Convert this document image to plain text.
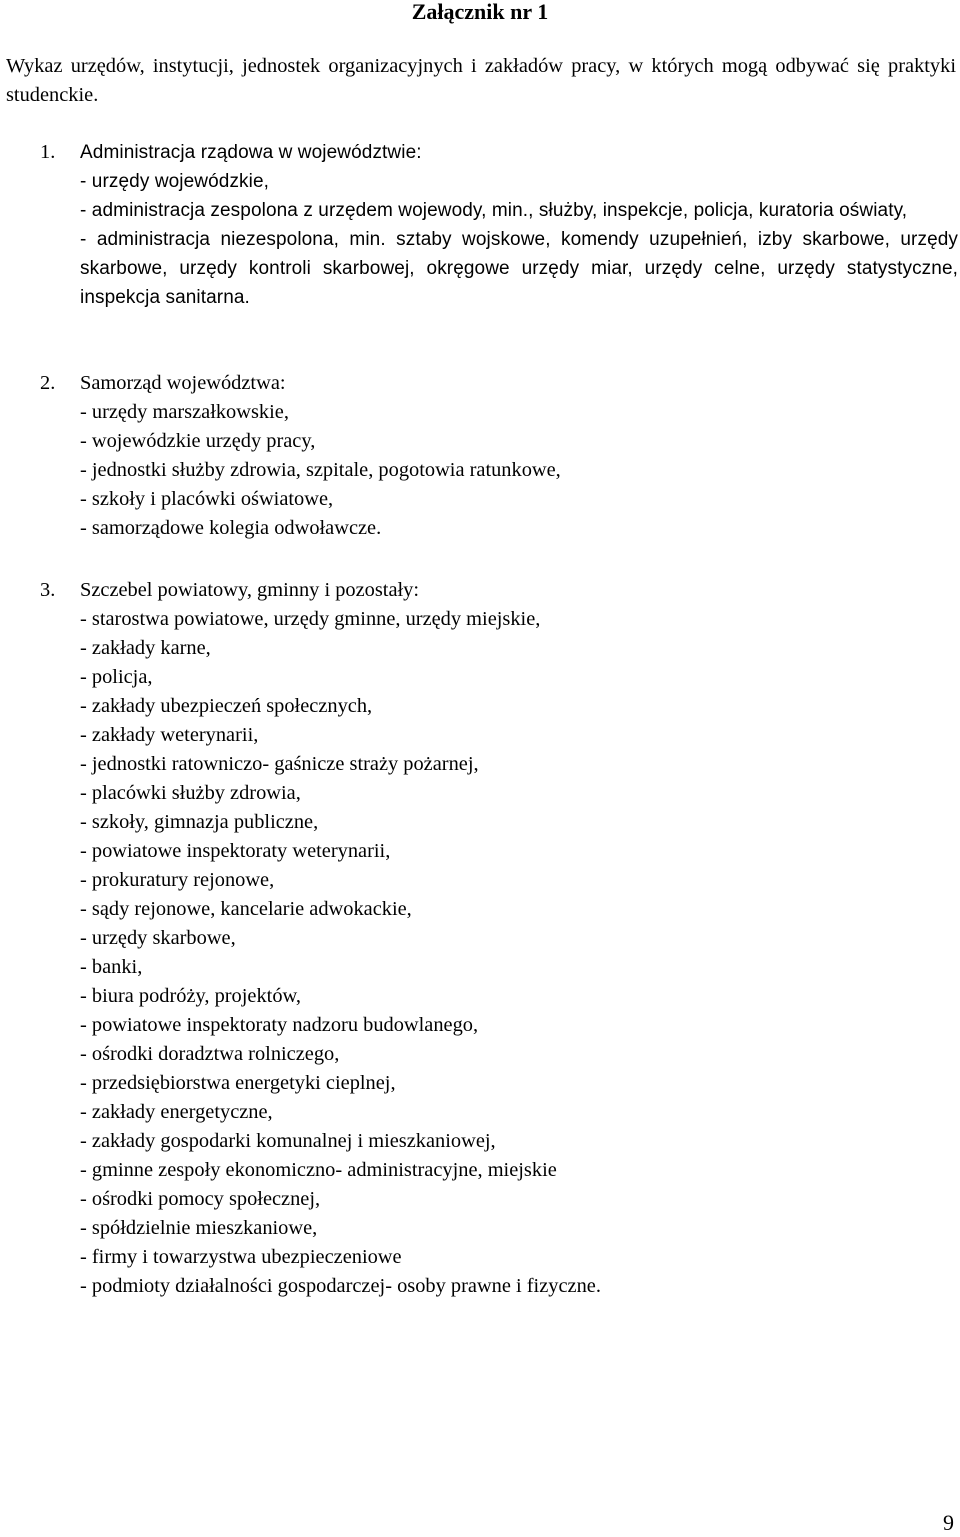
Załącznik nr 1
Wykaz urzędów, instytucji, jednostek organizacyjnych i zakładów pracy, w których mogą odbywać się praktyki studenckie.
1.	Administracja rządowa w województwie:
- urzędy wojewódzkie,
- administracja zespolona z urzędem wojewody, min., służby, inspekcje, policja, kuratoria oświaty,
- administracja niezespolona, min. sztaby wojskowe, komendy uzupełnień, izby skarbowe, urzędy skarbowe, urzędy kontroli skarbowej, okręgowe urzędy miar, urzędy celne, urzędy statystyczne, inspekcja sanitarna.
2.	Samorząd województwa:
- urzędy marszałkowskie,
- wojewódzkie urzędy pracy,
- jednostki służby zdrowia, szpitale, pogotowia ratunkowe,
- szkoły i placówki oświatowe,
- samorządowe kolegia odwoławcze.
3.	Szczebel powiatowy, gminny i pozostały:
- starostwa powiatowe, urzędy gminne, urzędy miejskie,
- zakłady karne,
- policja,
- zakłady ubezpieczeń społecznych,
- zakłady weterynarii,
- jednostki ratowniczo- gaśnicze straży pożarnej,
- placówki służby zdrowia,
- szkoły, gimnazja publiczne,
- powiatowe inspektoraty weterynarii,
- prokuratury rejonowe,
- sądy rejonowe, kancelarie adwokackie,
- urzędy skarbowe,
- banki,
- biura podróży, projektów,
- powiatowe inspektoraty nadzoru budowlanego,
- ośrodki doradztwa rolniczego,
- przedsiębiorstwa energetyki cieplnej,
- zakłady energetyczne,
- zakłady gospodarki komunalnej i mieszkaniowej,
- gminne zespoły ekonomiczno- administracyjne, miejskie
- ośrodki pomocy społecznej,
- spółdzielnie mieszkaniowe,
- firmy i towarzystwa ubezpieczeniowe
- podmioty działalności gospodarczej- osoby prawne i fizyczne.
9
